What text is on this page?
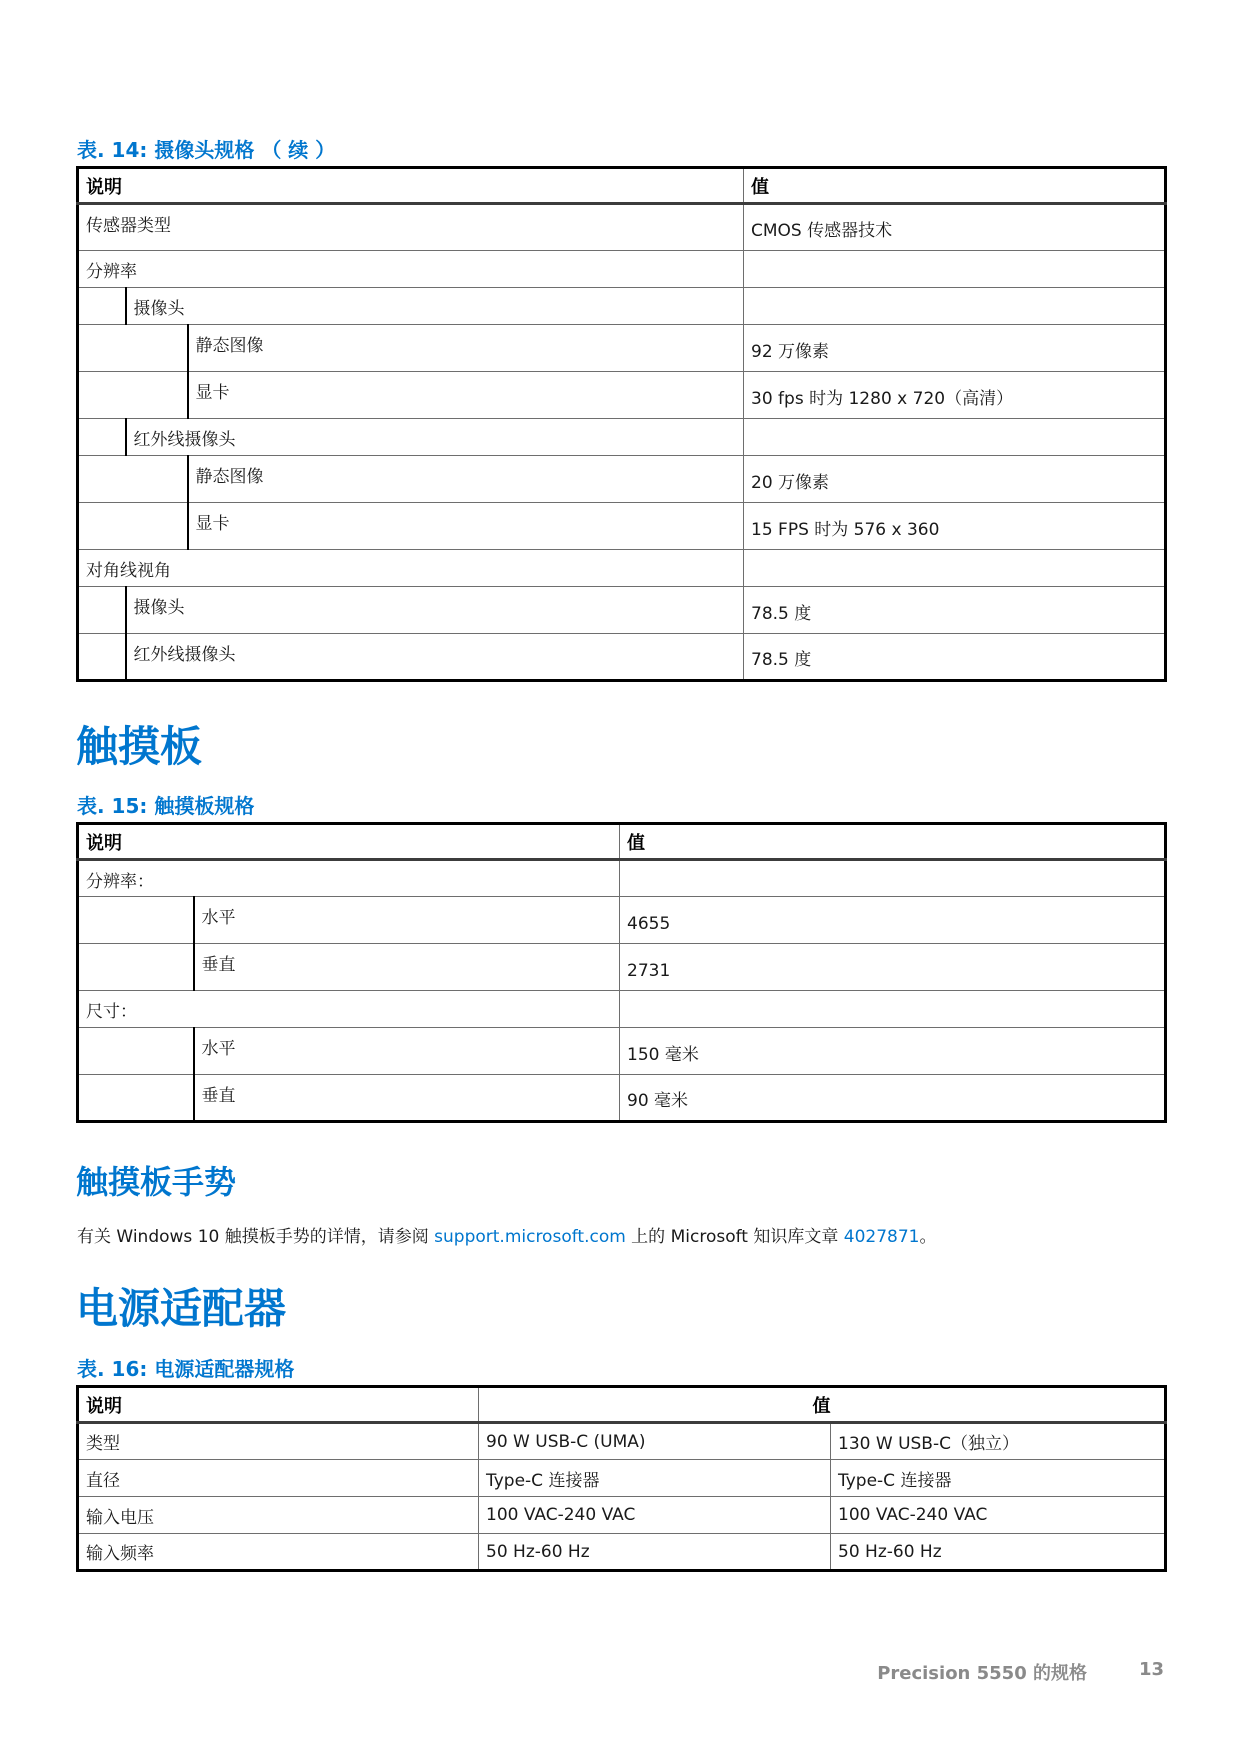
表. 14: 摄像头规格 （ 续 ）

说明			值
传感器类型			CMOS 传感器技术
分辨率			
	摄像头		
		静态图像	92 万像素
		显卡	30 fps 时为 1280 x 720（高清）
	红外线摄像头		
		静态图像	20 万像素
		显卡	15 FPS 时为 576 x 360
对角线视角			
	摄像头		78.5 度
	红外线摄像头		78.5 度
触摸板

表. 15: 触摸板规格

说明		值
分辨率：		
	水平	4655
	垂直	2731
尺寸：		
	水平	150 毫米
	垂直	90 毫米
触摸板手势

有关 Windows 10 触摸板手势的详情，请参阅 support.microsoft.com 上的 Microsoft 知识库文章 4027871。

电源适配器

表. 16: 电源适配器规格

说明	值	
类型	90 W USB-C (UMA)	130 W USB-C（独立）
直径	Type-C 连接器	Type-C 连接器
输入电压	100 VAC-240 VAC	100 VAC-240 VAC
输入频率	50 Hz-60 Hz	50 Hz-60 Hz
Precision 5550 的规格	13
